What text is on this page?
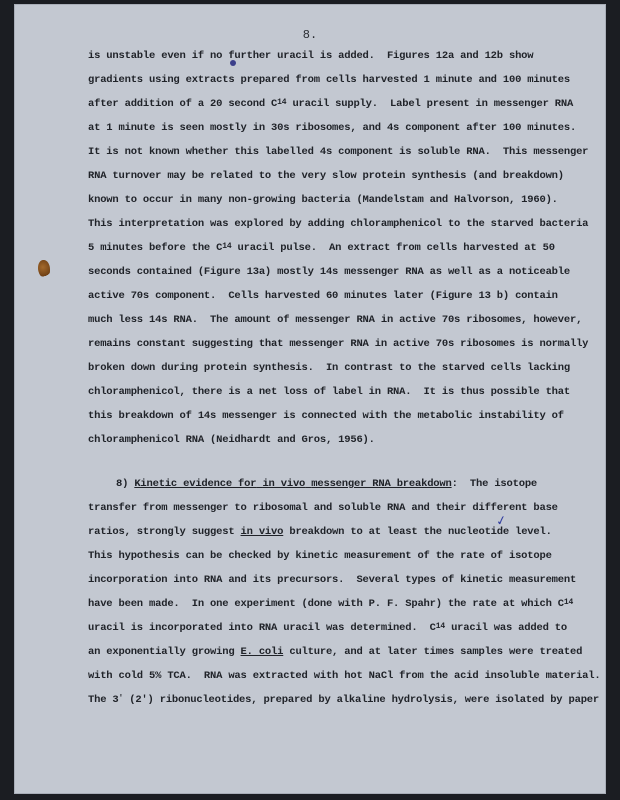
8.
✓
is unstable even if no further uracil is added.  Figures 12a and 12b show
gradients using extracts prepared from cells harvested 1 minute and 100 minutes
after addition of a 20 second $C^{14}$ uracil supply.  Label present in messenger RNA
at 1 minute is seen mostly in 30s ribosomes, and 4s component after 100 minutes.
It is not known whether this labelled 4s component is soluble RNA.  This messenger
RNA turnover may be related to the very slow protein synthesis (and breakdown)
known to occur in many non-growing bacteria (Mandelstam and Halvorson, 1960).
This interpretation was explored by adding chloramphenicol to the starved bacteria
5 minutes before the $C^{14}$ uracil pulse.  An extract from cells harvested at 50
seconds contained (Figure 13a) mostly 14s messenger RNA as well as a noticeable
active 70s component.  Cells harvested 60 minutes later (Figure 13 b) contain
much less 14s RNA.  The amount of messenger RNA in active 70s ribosomes, however,
remains constant suggesting that messenger RNA in active 70s ribosomes is normally
broken down during protein synthesis.  In contrast to the starved cells lacking
chloramphenicol, there is a net loss of label in RNA.  It is thus possible that
this breakdown of 14s messenger is connected with the metabolic instability of
chloramphenicol RNA (Neidhardt and Gros, 1956).
8) Kinetic evidence for in vivo messenger RNA breakdown:  The isotope
transfer from messenger to ribosomal and soluble RNA and their different base
ratios, strongly suggest in vivo breakdown to at least the nucleotide level.
This hypothesis can be checked by kinetic measurement of the rate of isotope
incorporation into RNA and its precursors.  Several types of kinetic measurement
have been made.  In one experiment (done with P. F. Spahr) the rate at which $C^{14}$
uracil is incorporated into RNA uracil was determined.  $C^{14}$ uracil was added to
an exponentially growing E. coli culture, and at later times samples were treated
with cold 5% TCA.  RNA was extracted with hot NaCl from the acid insoluble material.
The 3' (2') ribonucleotides, prepared by alkaline hydrolysis, were isolated by paper
